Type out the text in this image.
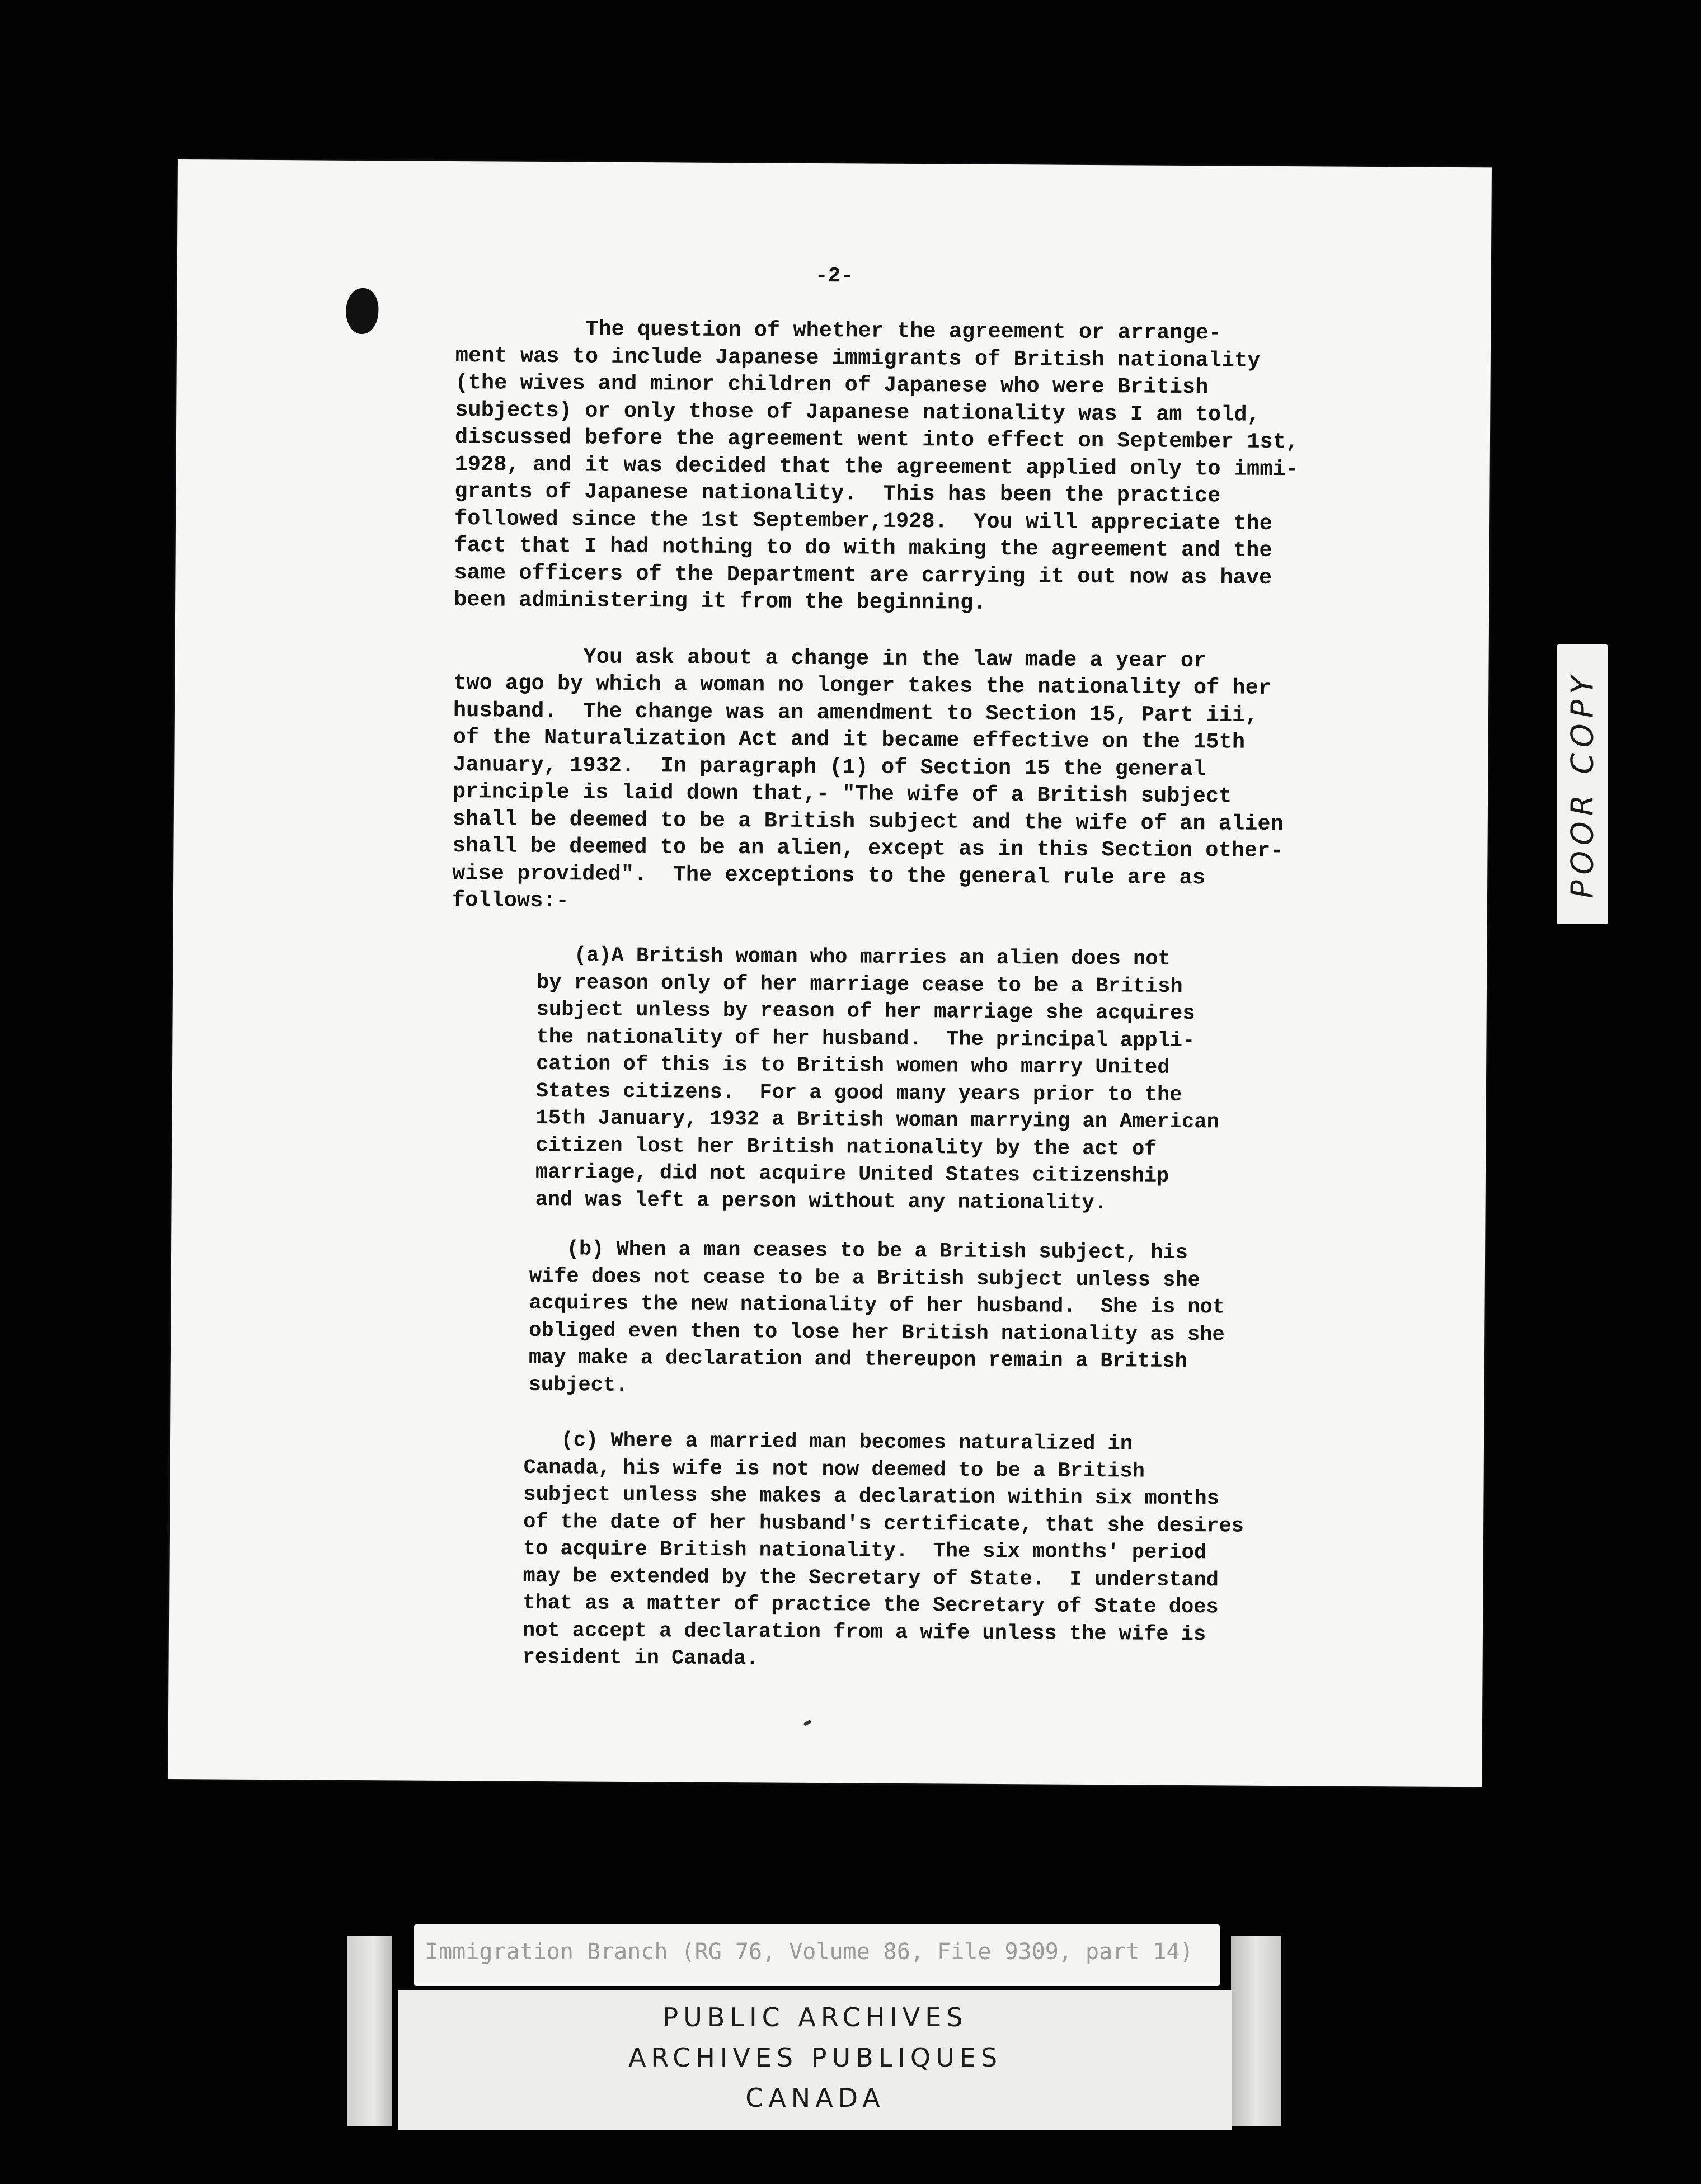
-2-

The question of whether the agreement or arrange-
ment was to include Japanese immigrants of British nationality
(the wives and minor children of Japanese who were British
subjects) or only those of Japanese nationality was I am told,
discussed before the agreement went into effect on September 1st,
1928, and it was decided that the agreement applied only to immi-
grants of Japanese nationality.  This has been the practice
followed since the 1st September,1928.  You will appreciate the
fact that I had nothing to do with making the agreement and the
same officers of the Department are carrying it out now as have
been administering it from the beginning.

You ask about a change in the law made a year or
two ago by which a woman no longer takes the nationality of her
husband.  The change was an amendment to Section 15, Part iii,
of the Naturalization Act and it became effective on the 15th
January, 1932.  In paragraph (1) of Section 15 the general
principle is laid down that,- "The wife of a British subject
shall be deemed to be a British subject and the wife of an alien
shall be deemed to be an alien, except as in this Section other-
wise provided".  The exceptions to the general rule are as
follows:-

(a)A British woman who marries an alien does not
by reason only of her marriage cease to be a British
subject unless by reason of her marriage she acquires
the nationality of her husband.  The principal appli-
cation of this is to British women who marry United
States citizens.  For a good many years prior to the
15th January, 1932 a British woman marrying an American
citizen lost her British nationality by the act of
marriage, did not acquire United States citizenship
and was left a person without any nationality.

(b) When a man ceases to be a British subject, his
wife does not cease to be a British subject unless she
acquires the new nationality of her husband.  She is not
obliged even then to lose her British nationality as she
may make a declaration and thereupon remain a British
subject.

(c) Where a married man becomes naturalized in
Canada, his wife is not now deemed to be a British
subject unless she makes a declaration within six months
of the date of her husband's certificate, that she desires
to acquire British nationality.  The six months' period
may be extended by the Secretary of State.  I understand
that as a matter of practice the Secretary of State does
not accept a declaration from a wife unless the wife is
resident in Canada.

POOR COPY
Immigration Branch (RG 76, Volume 86, File 9309, part 14)
PUBLIC ARCHIVES
ARCHIVES PUBLIQUES
CANADA
